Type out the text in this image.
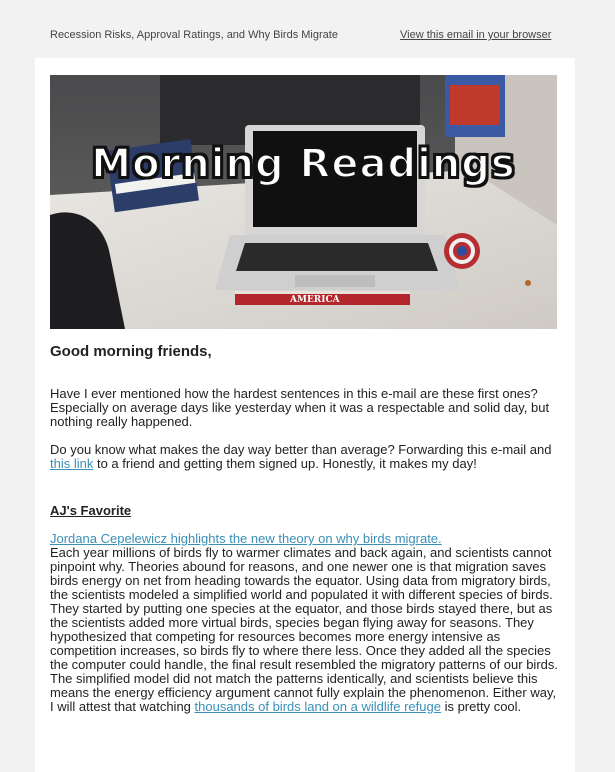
Recession Risks, Approval Ratings, and Why Birds Migrate	View this email in your browser
AMERICA
Morning Readings
Good morning friends,

Have I ever mentioned how the hardest sentences in this e-mail are these first ones? Especially on average days like yesterday when it was a respectable and solid day, but nothing really happened.

Do you know what makes the day way better than average? Forwarding this e-mail and this link to a friend and getting them signed up. Honestly, it makes my day!

AJ's Favorite
Jordana Cepelewicz highlights the new theory on why birds migrate.

Each year millions of birds fly to warmer climates and back again, and scientists cannot pinpoint why. Theories abound for reasons, and one newer one is that migration saves birds energy on net from heading towards the equator. Using data from migratory birds, the scientists modeled a simplified world and populated it with different species of birds. They started by putting one species at the equator, and those birds stayed there, but as the scientists added more virtual birds, species began flying away for seasons. They hypothesized that competing for resources becomes more energy intensive as competition increases, so birds fly to where there less. Once they added all the species the computer could handle, the final result resembled the migratory patterns of our birds. The simplified model did not match the patterns identically, and scientists believe this means the energy efficiency argument cannot fully explain the phenomenon. Either way, I will attest that watching thousands of birds land on a wildlife refuge is pretty cool.
